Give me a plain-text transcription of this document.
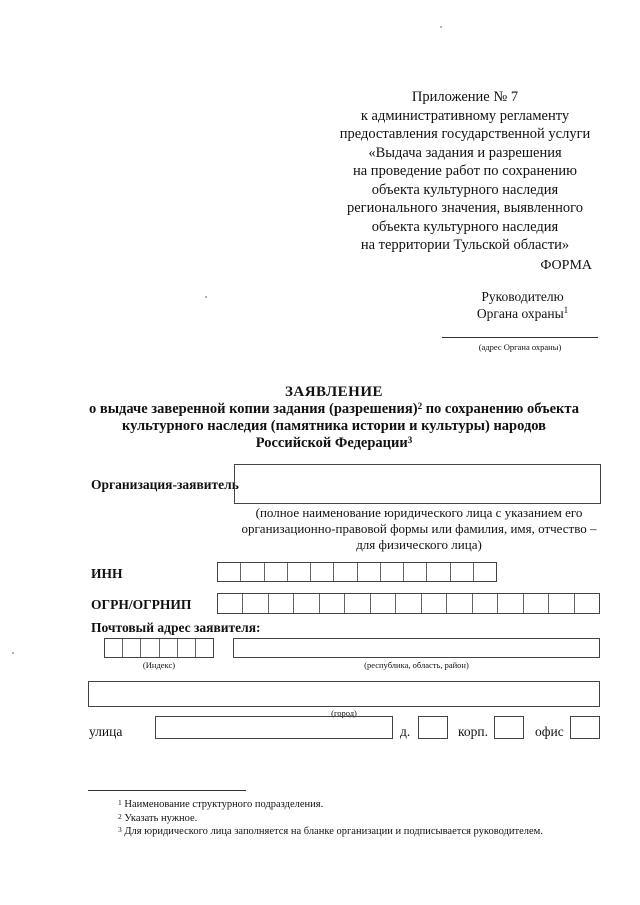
Приложение № 7
к административному регламенту
предоставления государственной услуги
«Выдача задания и разрешения
на проведение работ по сохранению
объекта культурного наследия
регионального значения, выявленного
объекта культурного наследия
на территории Тульской области»
ФОРМА
Руководителю
Органа охраны$^1$
(адрес Органа охраны)
ЗАЯВЛЕНИЕ
о выдаче заверенной копии задания (разрешения)$^2$ по сохранению объекта
культурного наследия (памятника истории и культуры) народов
Российской Федерации$^3$
Организация-заявитель
(полное наименование юридического лица с указанием его
организационно-правовой формы или фамилия, имя, отчество –
для физического лица)
ИНН
ОГРН/ОГРНИП
Почтовый адрес заявителя:
(Индекс)	(республика, область, район)
(город)
улица	д.	корп.	офис
$^1$ Наименование структурного подразделения.
$^2$ Указать нужное.
$^3$ Для юридического лица заполняется на бланке организации и подписывается руководителем.
